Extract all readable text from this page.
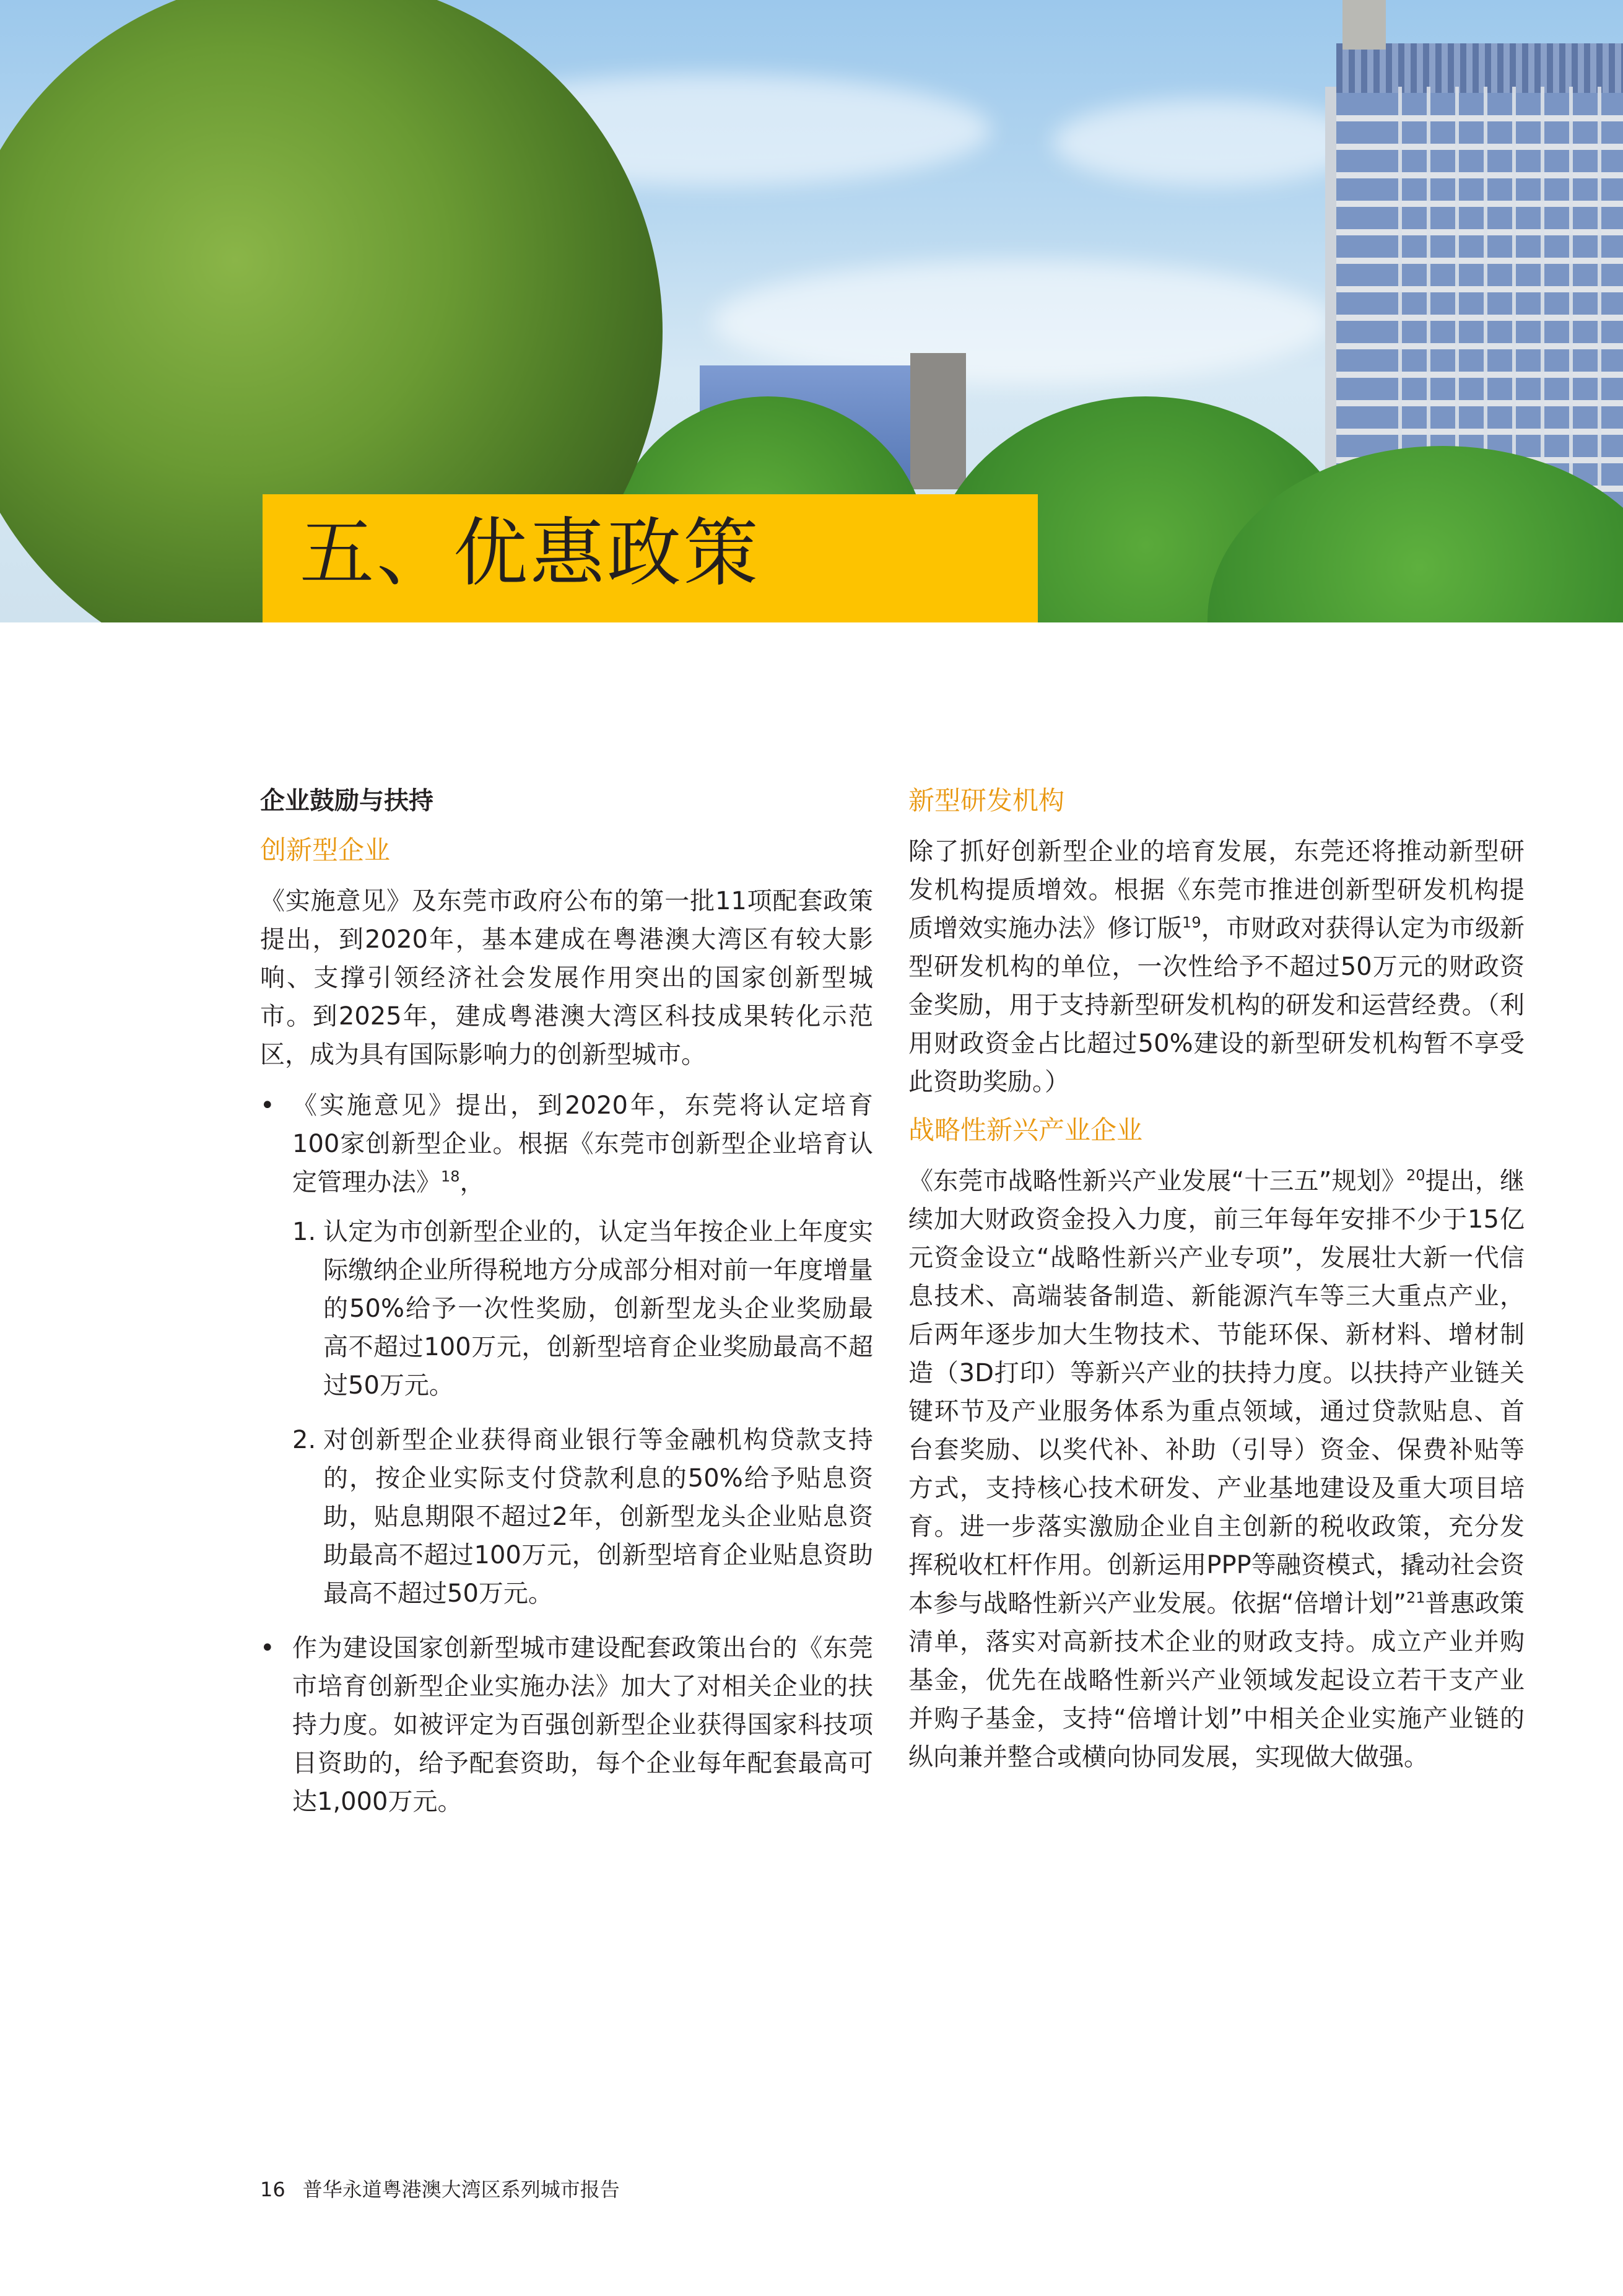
五、优惠政策
企业鼓励与扶持
创新型企业

《实施意见》及东莞市政府公布的第一批11项配套政策提出，到2020年，基本建成在粤港澳大湾区有较大影响、支撑引领经济社会发展作用突出的国家创新型城市。到2025年，建成粤港澳大湾区科技成果转化示范区，成为具有国际影响力的创新型城市。

• 《实施意见》提出，到2020年，东莞将认定培育100家创新型企业。根据《东莞市创新型企业培育认定管理办法》$^{18}$，
1. 认定为市创新型企业的，认定当年按企业上年度实际缴纳企业所得税地方分成部分相对前一年度增量的50%给予一次性奖励，创新型龙头企业奖励最高不超过100万元，创新型培育企业奖励最高不超过50万元。
2. 对创新型企业获得商业银行等金融机构贷款支持的，按企业实际支付贷款利息的50%给予贴息资助，贴息期限不超过2年，创新型龙头企业贴息资助最高不超过100万元，创新型培育企业贴息资助最高不超过50万元。
• 作为建设国家创新型城市建设配套政策出台的《东莞市培育创新型企业实施办法》加大了对相关企业的扶持力度。如被评定为百强创新型企业获得国家科技项目资助的，给予配套资助，每个企业每年配套最高可达1,000万元。
新型研发机构

除了抓好创新型企业的培育发展，东莞还将推动新型研发机构提质增效。根据《东莞市推进创新型研发机构提质增效实施办法》修订版$^{19}$，市财政对获得认定为市级新型研发机构的单位，一次性给予不超过50万元的财政资金奖励，用于支持新型研发机构的研发和运营经费。（利用财政资金占比超过50%建设的新型研发机构暂不享受此资助奖励。）

战略性新兴产业企业

《东莞市战略性新兴产业发展“十三五”规划》$^{20}$提出，继续加大财政资金投入力度，前三年每年安排不少于15亿元资金设立“战略性新兴产业专项”，发展壮大新一代信息技术、高端装备制造、新能源汽车等三大重点产业，后两年逐步加大生物技术、节能环保、新材料、增材制造（3D打印）等新兴产业的扶持力度。以扶持产业链关键环节及产业服务体系为重点领域，通过贷款贴息、首台套奖励、以奖代补、补助（引导）资金、保费补贴等方式，支持核心技术研发、产业基地建设及重大项目培育。进一步落实激励企业自主创新的税收政策，充分发挥税收杠杆作用。创新运用PPP等融资模式，撬动社会资本参与战略性新兴产业发展。依据“倍增计划”$^{21}$普惠政策清单，落实对高新技术企业的财政支持。成立产业并购基金，优先在战略性新兴产业领域发起设立若干支产业并购子基金，支持“倍增计划”中相关企业实施产业链的纵向兼并整合或横向协同发展，实现做大做强。

16 普华永道粤港澳大湾区系列城市报告
